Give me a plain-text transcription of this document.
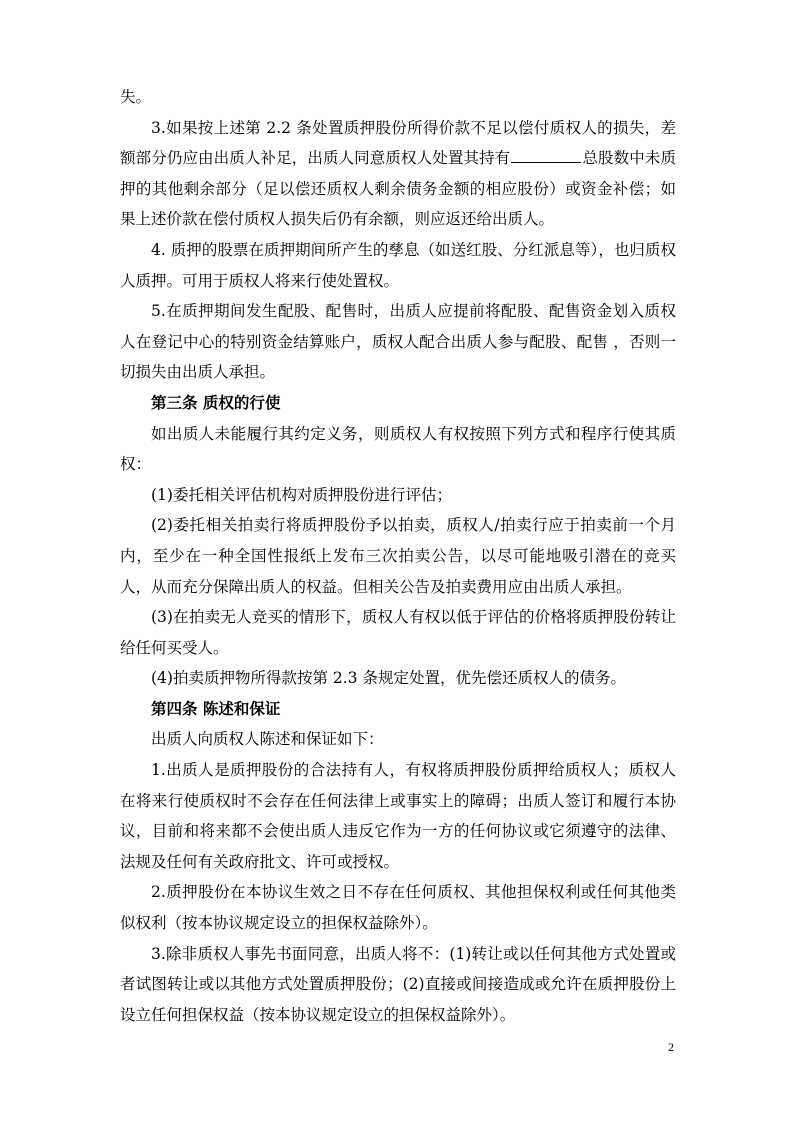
失。

3.如果按上述第 2.2 条处置质押股份所得价款不足以偿付质权人的损失，差额部分仍应由出质人补足，出质人同意质权人处置其持有	总股数中未质押的其他剩余部分（足以偿还质权人剩余债务金额的相应股份）或资金补偿；如果上述价款在偿付质权人损失后仍有余额，则应返还给出质人。

4. 质押的股票在质押期间所产生的孳息（如送红股、分红派息等），也归质权人质押。可用于质权人将来行使处置权。

5.在质押期间发生配股、配售时，出质人应提前将配股、配售资金划入质权人在登记中心的特别资金结算账户，质权人配合出质人参与配股、配售 ，否则一切损失由出质人承担。

第三条 质权的行使

如出质人未能履行其约定义务，则质权人有权按照下列方式和程序行使其质权：

(1)委托相关评估机构对质押股份进行评估；

(2)委托相关拍卖行将质押股份予以拍卖，质权人/拍卖行应于拍卖前一个月内，至少在一种全国性报纸上发布三次拍卖公告，以尽可能地吸引潜在的竞买人，从而充分保障出质人的权益。但相关公告及拍卖费用应由出质人承担。

(3)在拍卖无人竞买的情形下，质权人有权以低于评估的价格将质押股份转让给任何买受人。

(4)拍卖质押物所得款按第 2.3 条规定处置，优先偿还质权人的债务。

第四条 陈述和保证

出质人向质权人陈述和保证如下：

1.出质人是质押股份的合法持有人，有权将质押股份质押给质权人；质权人在将来行使质权时不会存在任何法律上或事实上的障碍；出质人签订和履行本协议，目前和将来都不会使出质人违反它作为一方的任何协议或它须遵守的法律、法规及任何有关政府批文、许可或授权。

2.质押股份在本协议生效之日不存在任何质权、其他担保权利或任何其他类似权利（按本协议规定设立的担保权益除外）。

3.除非质权人事先书面同意，出质人将不：(1)转让或以任何其他方式处置或者试图转让或以其他方式处置质押股份；(2)直接或间接造成或允许在质押股份上设立任何担保权益（按本协议规定设立的担保权益除外）。

2
